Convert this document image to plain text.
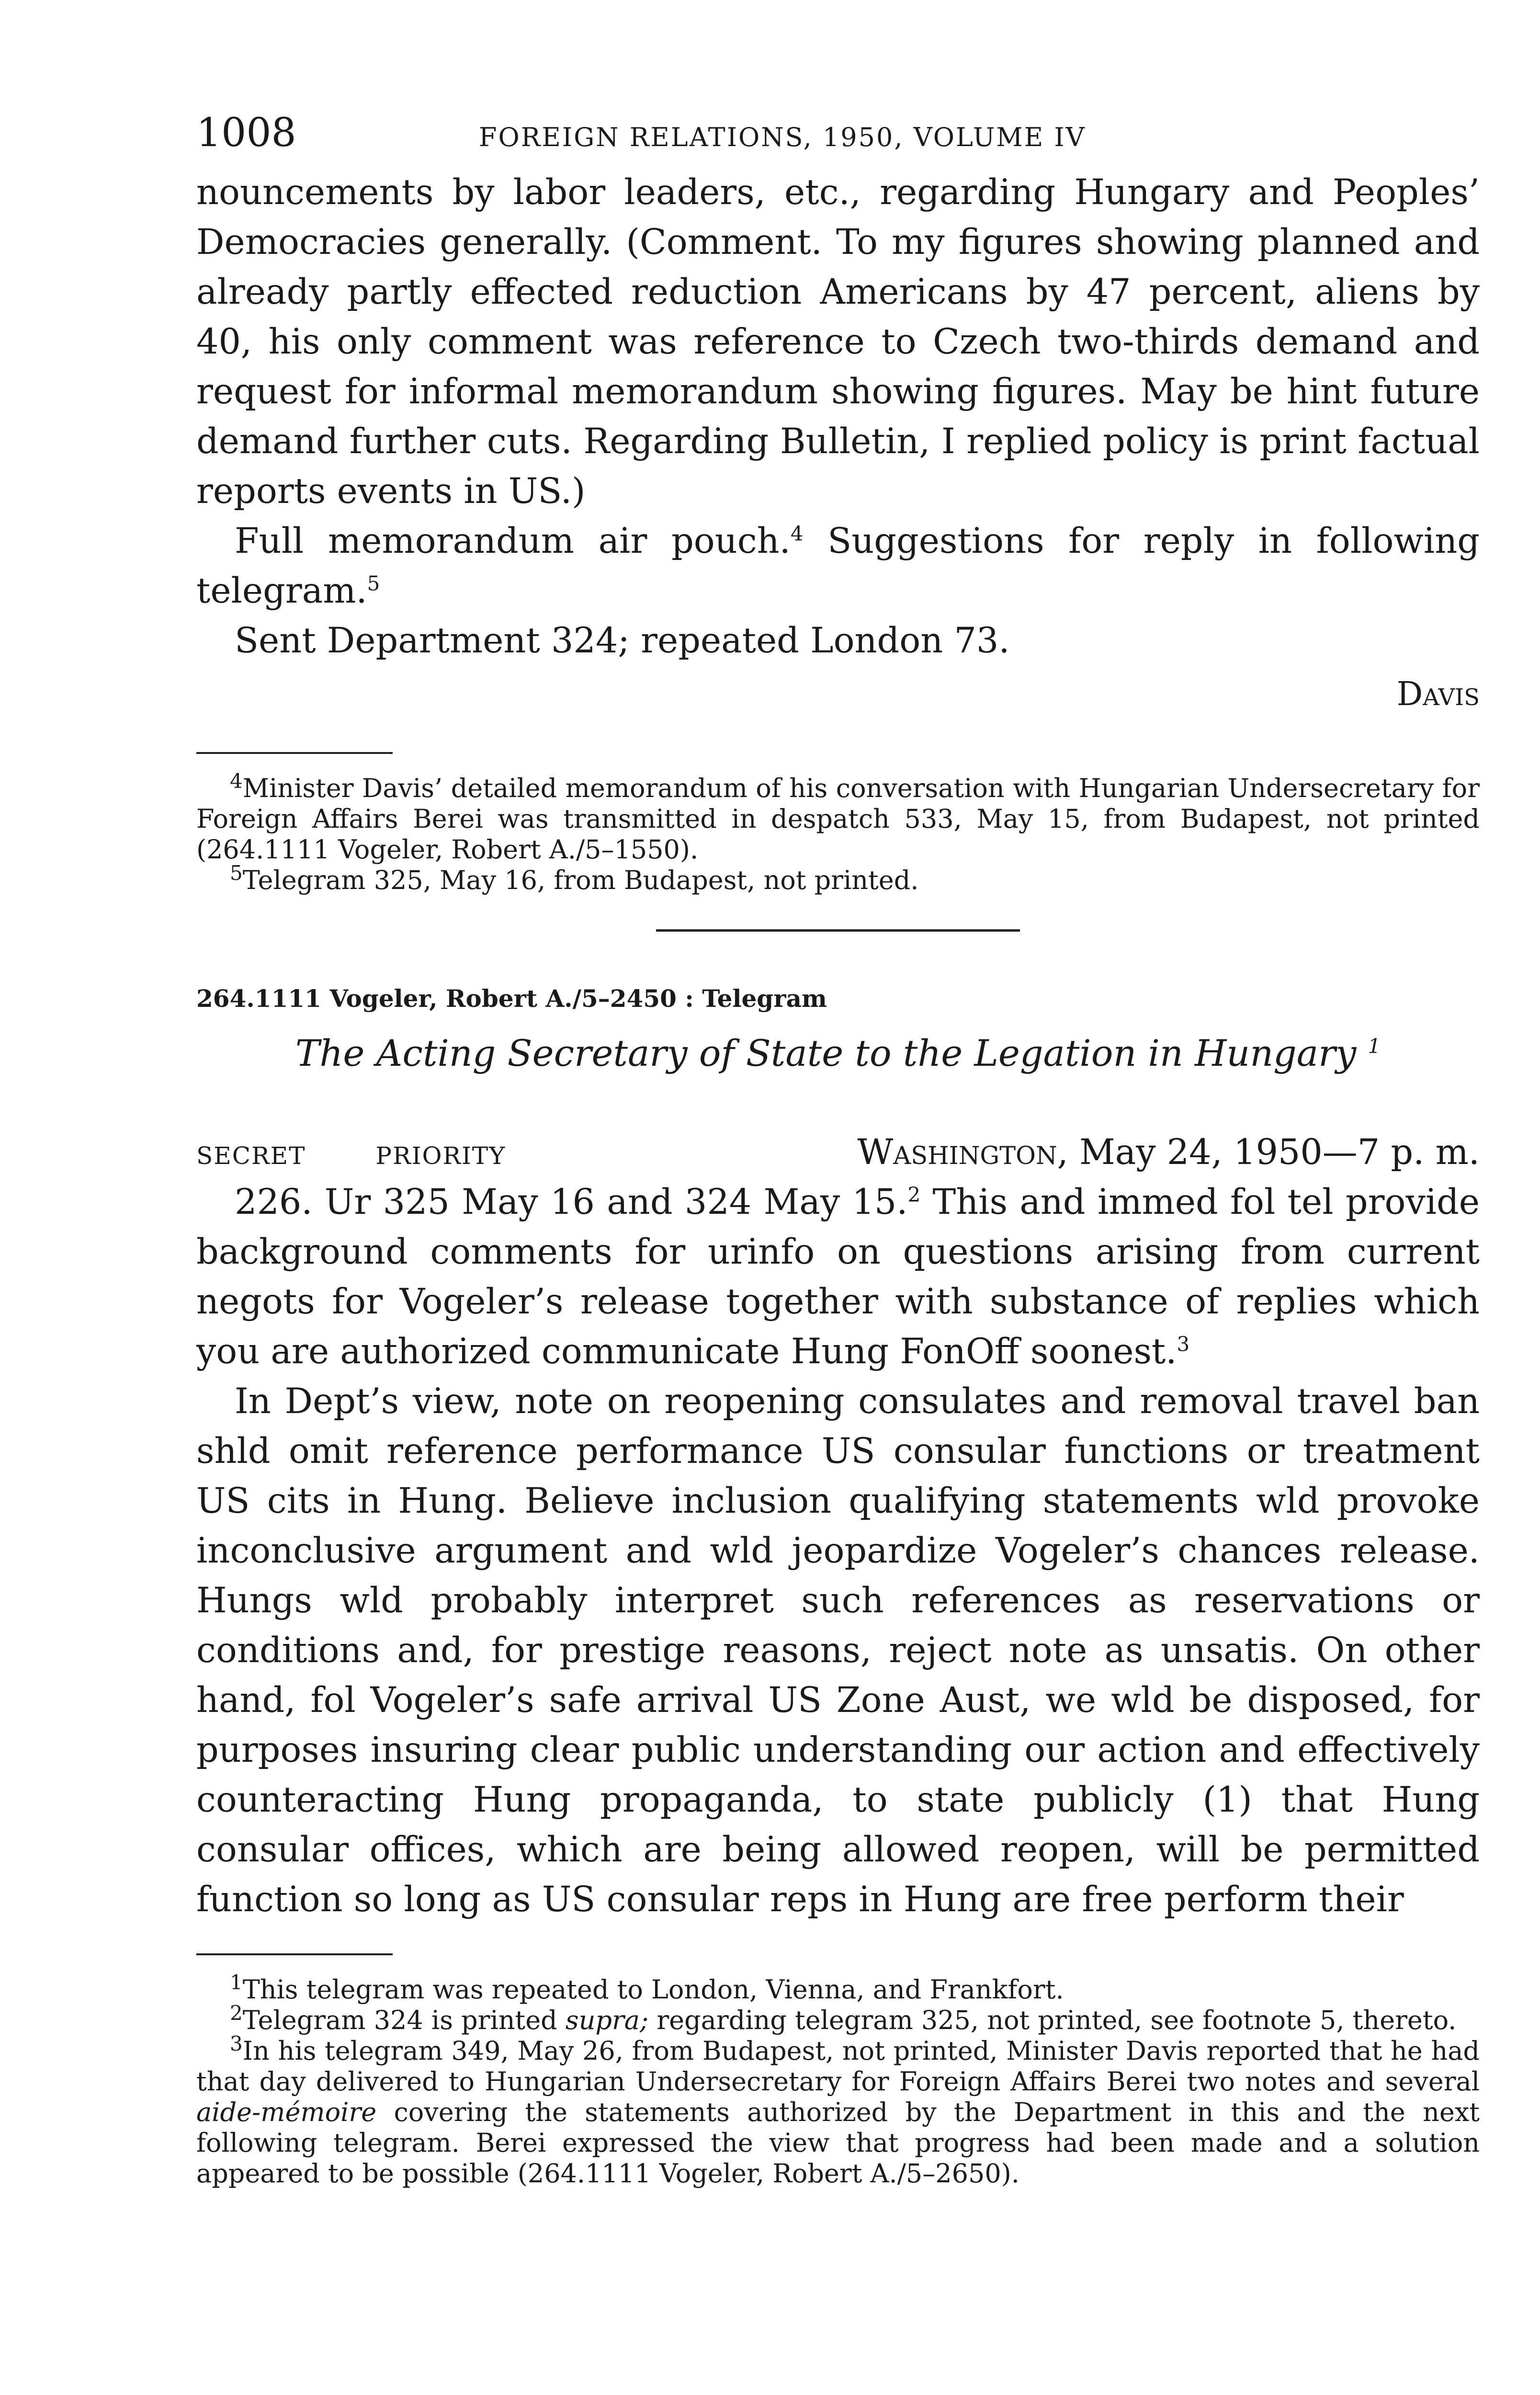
1008	FOREIGN RELATIONS, 1950, VOLUME IV

nouncements by labor leaders, etc., regarding Hungary and Peoples’ Democracies generally. (Comment. To my figures showing planned and already partly effected reduction Americans by 47 percent, aliens by 40, his only comment was reference to Czech two-thirds demand and request for informal memorandum showing figures. May be hint future demand further cuts. Regarding Bulletin, I replied policy is print factual reports events in US.)

Full memorandum air pouch.$^4$ Suggestions for reply in following telegram.$^5$

Sent Department 324; repeated London 73.

Davis

$^4$Minister Davis’ detailed memorandum of his conversation with Hungarian Undersecretary for Foreign Affairs Berei was transmitted in despatch 533, May 15, from Budapest, not printed (264.1111 Vogeler, Robert A./5–1550).

$^5$Telegram 325, May 16, from Budapest, not printed.

264.1111 Vogeler, Robert A./5–2450 : Telegram
The Acting Secretary of State to the Legation in Hungary $^1$
SECRET	PRIORITY	Washington, May 24, 1950—7 p. m.

226. Ur 325 May 16 and 324 May 15.$^2$ This and immed fol tel provide background comments for urinfo on questions arising from current negots for Vogeler’s release together with substance of replies which you are authorized communicate Hung FonOff soonest.$^3$

In Dept’s view, note on reopening consulates and removal travel ban shld omit reference performance US consular functions or treatment US cits in Hung. Believe inclusion qualifying statements wld provoke inconclusive argument and wld jeopardize Vogeler’s chances release. Hungs wld probably interpret such references as reservations or conditions and, for prestige reasons, reject note as unsatis. On other hand, fol Vogeler’s safe arrival US Zone Aust, we wld be disposed, for purposes insuring clear public understanding our action and effectively counteracting Hung propaganda, to state publicly (1) that Hung consular offices, which are being allowed reopen, will be permitted function so long as US consular reps in Hung are free perform their

$^1$This telegram was repeated to London, Vienna, and Frankfort.

$^2$Telegram 324 is printed supra; regarding telegram 325, not printed, see footnote 5, thereto.

$^3$In his telegram 349, May 26, from Budapest, not printed, Minister Davis reported that he had that day delivered to Hungarian Undersecretary for Foreign Affairs Berei two notes and several aide-mémoire covering the statements authorized by the Department in this and the next following telegram. Berei expressed the view that progress had been made and a solution appeared to be possible (264.1111 Vogeler, Robert A./5–2650).
